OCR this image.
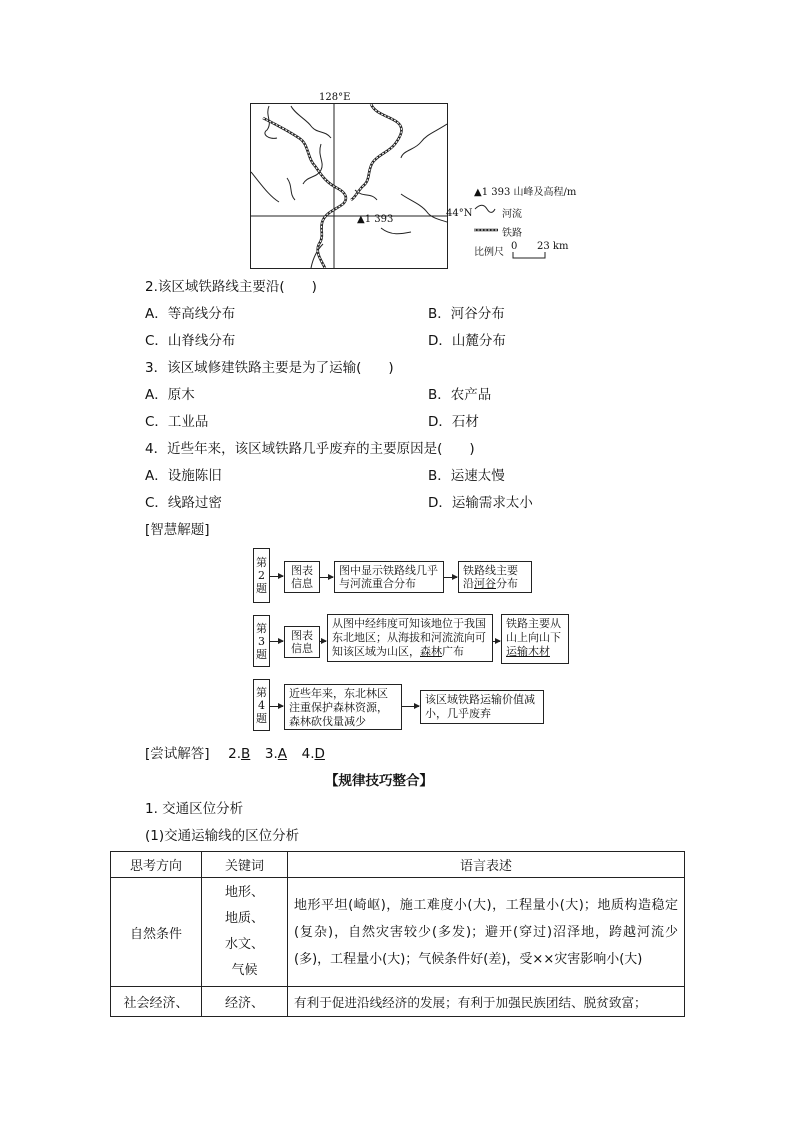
128°E
▲1 393
44°N
▲1 393 山峰及高程/m
河流
铁路
比例尺
0 23 km
2.该区域铁路线主要沿(　　)
A．等高线分布	B．河谷分布
C．山脊线分布	D．山麓分布
3．该区域修建铁路主要是为了运输(　　)
A．原木	B．农产品
C．工业品	D．石材
4．近些年来，该区域铁路几乎废弃的主要原因是(　　)
A．设施陈旧	B．运速太慢
C．线路过密	D．运输需求太小
[智慧解题]
第2题
图表信息
图中显示铁路线几乎与河流重合分布
铁路线主要沿河谷分布
第3题
图表信息
从图中经纬度可知该地位于我国东北地区；从海拔和河流流向可知该区域为山区，森林广布
铁路主要从山上向山下运输木材
第4题
近些年来，东北林区注重保护森林资源，森林砍伐量减少
该区域铁路运输价值减小，几乎废弃
[尝试解答] 2.B 3.A 4.D
【规律技巧整合】
1. 交通区位分析
(1)交通运输线的区位分析
思考方向	关键词	语言表述
自然条件	地形、
地质、
水文、
气候	地形平坦(崎岖)，施工难度小(大)，工程量小(大)；地质构造稳定(复杂)，自然灾害较少(多发)；避开(穿过)沼泽地，跨越河流少(多)，工程量小(大)；气候条件好(差)，受××灾害影响小(大)
社会经济、	经济、	有利于促进沿线经济的发展；有利于加强民族团结、脱贫致富；
